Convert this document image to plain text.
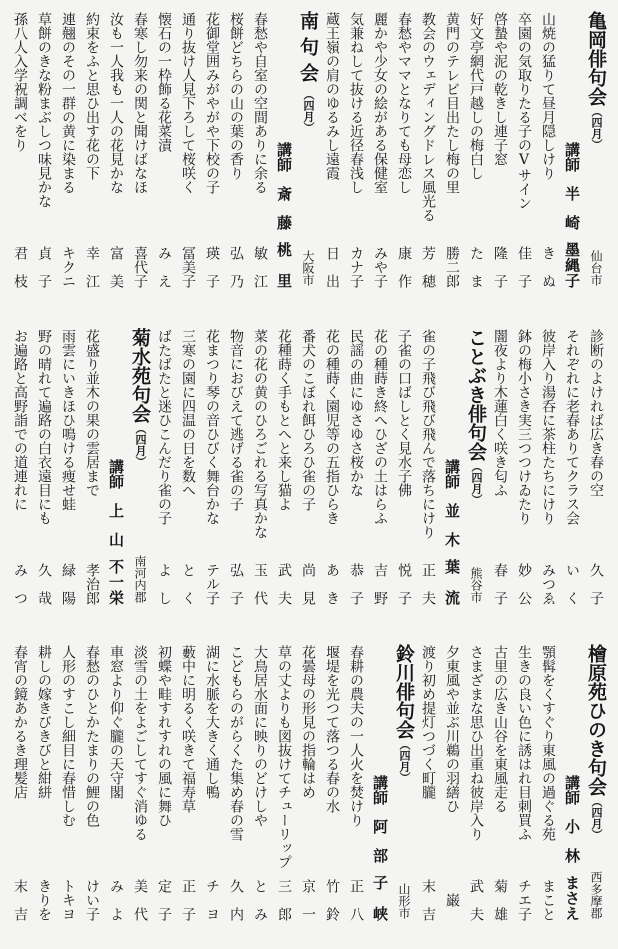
亀岡俳句会（四月）
仙台市
講師
半崎
墨縄子
山焼の猛りて昼月隠しけり
きぬ
卒園の気取りたる子のVサイン
佳子
啓蟄や泥の乾きし連子窓
隆子
好文亭網代戸越しの梅白し
たま
黄門のテレビ目出たし梅の里
勝二郎
教会のウェディングドレス風光る
芳穂
春愁やママとなりても母恋し
康作
麗かや少女の絵がある保健室
みや子
気兼ねして抜ける近径春浅し
カナ子
蔵王嶺の肩のゆるみし遠霞
日出
南句会（四月）
大阪市
講師
斎藤
桃里
春愁や自室の空間ありに余る
敏江
桜餅どちらの山の葉の香り
弘乃
花御堂囲みがやがや下校の子
瑛子
通り抜け人見下ろして桜咲く
冨美子
懐石の一枠飾る花菜漬
みえ
春寒し勿来の関と聞けばなほ
喜代子
汝も一人我も一人の花見かな
富美
約束をふと思ひ出す花の下
幸江
連翹のその一群の黄に染まる
キクニ
草餅のきな粉まぶしつ味見かな
貞子
孫八人入学祝調べをり
君枝
診断のよければ広き春の空
久子
それぞれに老春ありてクラス会
いく
彼岸入り湯呑に茶柱たちにけり
みつゑ
鉢の梅小さき実三つつけゐたり
妙公
闇夜より木蓮白く咲き匂ふ
春子
ことぶき俳句会（四月）
熊谷市
講師
並木
葉流
雀の子飛び飛び飛んで落ちにけり
正夫
子雀の口ばしとく見水子佛
悦子
花の種蒔き終へひざの土はらふ
吉野
民謡の曲にゆさゆさ桜かな
恭子
花の種蒔く園児等の五指ひらき
あき
番犬のこぼれ餌ひろひ雀の子
尚見
花種蒔く手もとへと来し猫よ
武夫
菜の花の黄のひろごれる写真かな
玉代
物音におびえて逃げる雀の子
弘子
花まつり琴の音ひびく舞台かな
テル子
三寒の園に四温の日を数へ
とく
ばたばたと迷ひこんだり雀の子
よし
菊水苑句会（四月）
南河内郡
講師
上山
不一栄
花盛り並木の果の雲居まで
孝治郎
雨雲にいきほひ鳴ける痩せ蛙
緑陽
野の晴れて遍路の白衣遠目にも
久哉
お遍路と高野詣での道連れに
みつ
檜原苑ひのき句会（四月）
西多摩郡
講師
小林
まさえ
顎髯をくすぐり東風の過ぐる苑
まこと
生きの良い色に誘はれ目刺買ふ
チエ子
古里の広き山谷を東風走る
菊雄
さまざまな思ひ出重ね彼岸入り
武夫
夕東風や並ぶ川鵜の羽繕ひ
巌
渡り初め提灯つづく町朧
末吉
鈴川俳句会（四月）
山形市
講師
阿部
子峡
春耕の農夫の一人火を焚けり
正八
堰堤を光つて落つる春の水
竹鈴
花曇母の形見の指輪はめ
京一
草の丈よりも図抜けてチューリップ
三郎
大鳥居水面に映りのどけしや
とみ
こどもらのがらくた集め春の雪
久内
湖に水脈を大きく通し鴨
チヨ
藪中に明るく咲きて福寿草
正子
初蝶や畦すれすれの風に舞ひ
定子
淡雪の土をよごしてすぐ消ゆる
美代
車窓より仰ぐ朧の天守閣
みよ
春愁のひとかたまりの鯉の色
けい子
人形のすこし細目に春惜しむ
トキヨ
耕しの嫁きびきびと紺絣
きりを
春宵の鏡あかるき理髪店
末吉
